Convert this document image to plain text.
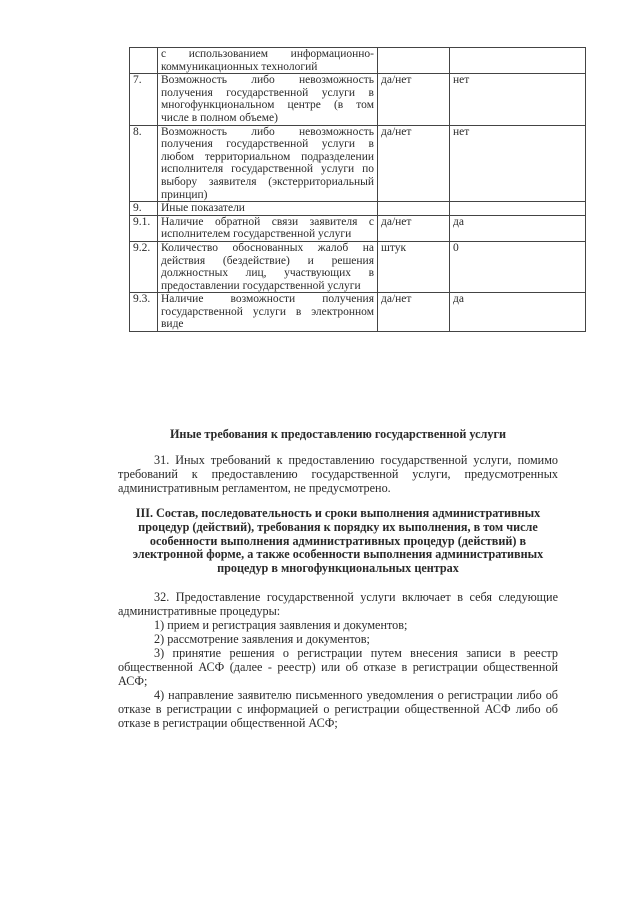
	с использованием информационно-коммуникационных технологий		
7.	Возможность либо невозможность получения государственной услуги в многофункциональном центре (в том числе в полном объеме)	да/нет	нет
8.	Возможность либо невозможность получения государственной услуги в любом территориальном подразделении исполнителя государственной услуги по выбору заявителя (экстерриториальный принцип)	да/нет	нет
9.	Иные показатели		
9.1.	Наличие обратной связи заявителя с исполнителем государственной услуги	да/нет	да
9.2.	Количество обоснованных жалоб на действия (бездействие) и решения должностных лиц, участвующих в предоставлении государственной услуги	штук	0
9.3.	Наличие возможности получения государственной услуги в электронном виде	да/нет	да
Иные требования к предоставлению государственной услуги

31. Иных требований к предоставлению государственной услуги, помимо требований к предоставлению государственной услуги, предусмотренных административным регламентом, не предусмотрено.

III. Состав, последовательность и сроки выполнения административных процедур (действий), требования к порядку их выполнения, в том числе особенности выполнения административных процедур (действий) в электронной форме, а также особенности выполнения административных процедур в многофункциональных центрах

32. Предоставление государственной услуги включает в себя следующие административные процедуры:

1) прием и регистрация заявления и документов;

2) рассмотрение заявления и документов;

3) принятие решения о регистрации путем внесения записи в реестр общественной АСФ (далее - реестр) или об отказе в регистрации общественной АСФ;

4) направление заявителю письменного уведомления о регистрации либо об отказе в регистрации с информацией о регистрации общественной АСФ либо об отказе в регистрации общественной АСФ;
